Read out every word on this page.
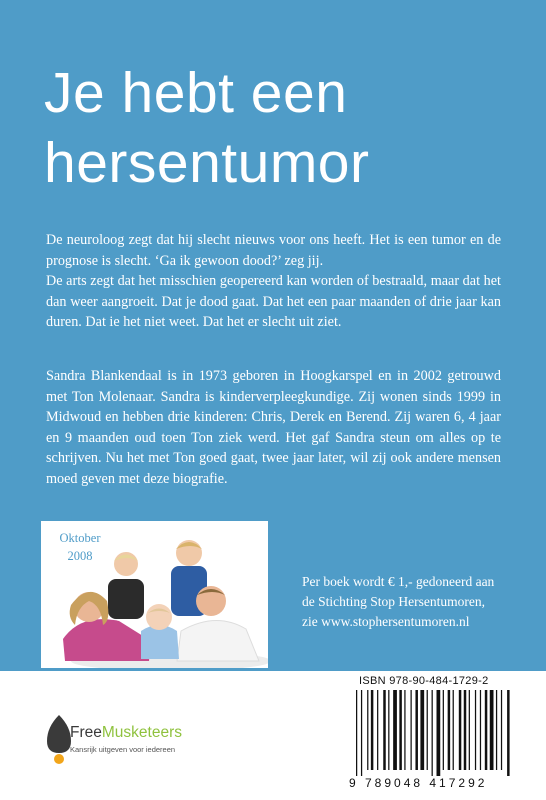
Je hebt een
hersentumor

De neuroloog zegt dat hij slecht nieuws voor ons heeft. Het is een tumor en de prognose is slecht. ‘Ga ik gewoon dood?’ zeg jij.

De arts zegt dat het misschien geopereerd kan worden of bestraald, maar dat het dan weer aangroeit. Dat je dood gaat. Dat het een paar maanden of drie jaar kan duren. Dat ie het niet weet. Dat het er slecht uit ziet.

Sandra Blankendaal is in 1973 geboren in Hoogkarspel en in 2002 getrouwd met Ton Molenaar. Sandra is kinderverpleegkundige. Zij wonen sinds 1999 in Midwoud en hebben drie kinderen: Chris, Derek en Berend. Zij waren 6, 4 jaar en 9 maanden oud toen Ton ziek werd. Het gaf Sandra steun om alles op te schrijven. Nu het met Ton goed gaat, twee jaar later, wil zij ook andere mensen moed geven met deze biografie.

Oktober
2008
Per boek wordt € 1,- gedoneerd aan
de Stichting Stop Hersentumoren,
zie www.stophersentumoren.nl
ISBN 978-90-484-1729-2
9 789048 417292
FreeMusketeers
Kansrijk uitgeven voor iedereen
